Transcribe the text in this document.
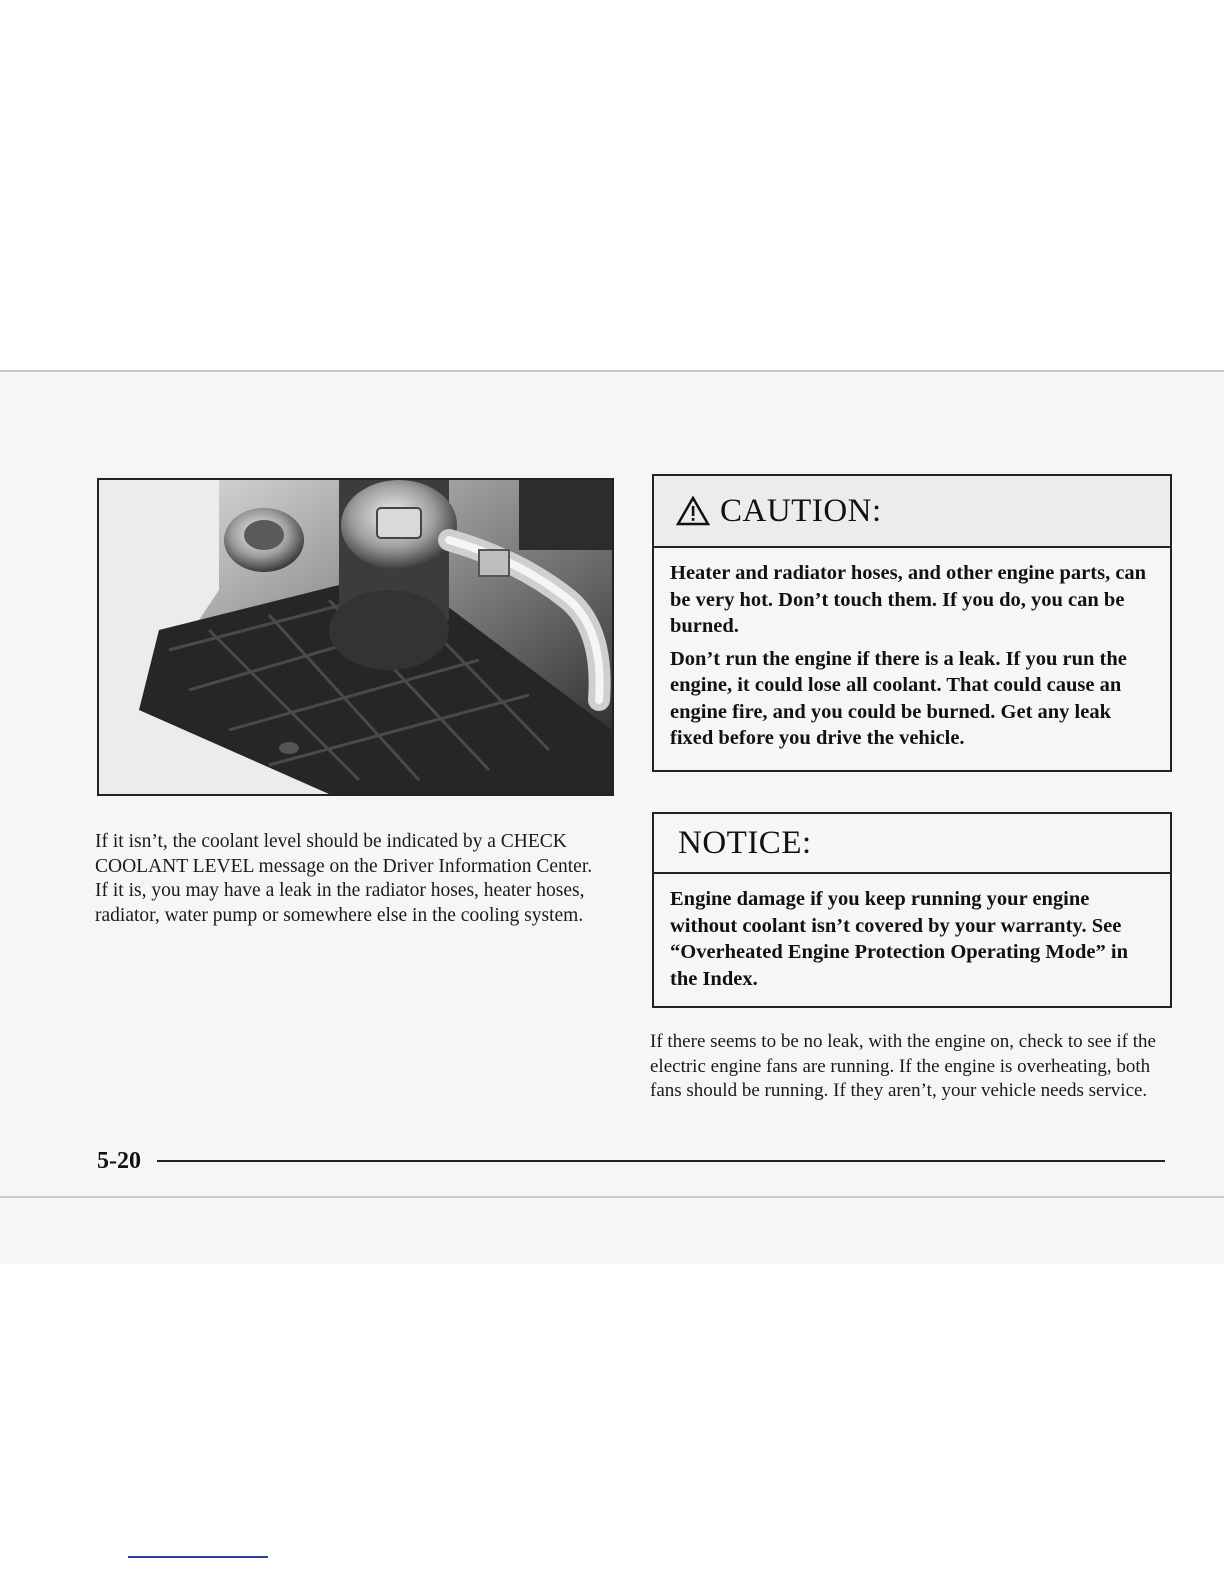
If it isn’t, the coolant level should be indicated by a CHECK COOLANT LEVEL message on the Driver Information Center. If it is, you may have a leak in the radiator hoses, heater hoses, radiator, water pump or somewhere else in the cooling system.
CAUTION:

Heater and radiator hoses, and other engine parts, can be very hot. Don’t touch them. If you do, you can be burned.

Don’t run the engine if there is a leak. If you run the engine, it could lose all coolant. That could cause an engine fire, and you could be burned. Get any leak fixed before you drive the vehicle.

NOTICE:

Engine damage if you keep running your engine without coolant isn’t covered by your warranty. See “Overheated Engine Protection Operating Mode” in the Index.

If there seems to be no leak, with the engine on, check to see if the electric engine fans are running. If the engine is overheating, both fans should be running. If they aren’t, your vehicle needs service.
5-20
